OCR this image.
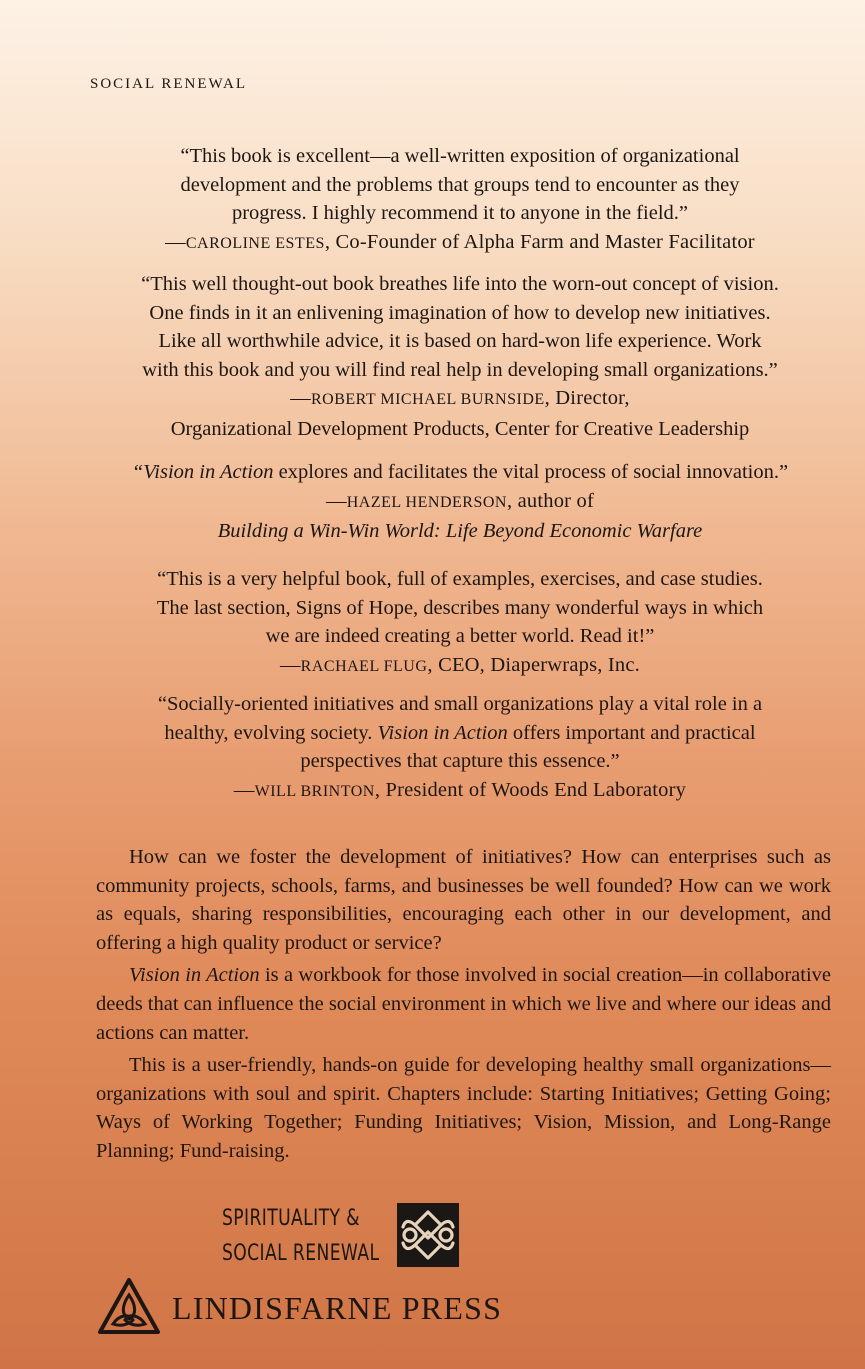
SOCIAL RENEWAL

“This book is excellent—a well-written exposition of organizational

development and the problems that groups tend to encounter as they

progress. I highly recommend it to anyone in the field.”

—CAROLINE ESTES, Co-Founder of Alpha Farm and Master Facilitator

“This well thought-out book breathes life into the worn-out concept of vision.

One finds in it an enlivening imagination of how to develop new initiatives.

Like all worthwhile advice, it is based on hard-won life experience. Work

with this book and you will find real help in developing small organizations.”

—ROBERT MICHAEL BURNSIDE, Director,

Organizational Development Products, Center for Creative Leadership

“Vision in Action explores and facilitates the vital process of social innovation.”

—HAZEL HENDERSON, author of

Building a Win-Win World: Life Beyond Economic Warfare

“This is a very helpful book, full of examples, exercises, and case studies.

The last section, Signs of Hope, describes many wonderful ways in which

we are indeed creating a better world. Read it!”

—RACHAEL FLUG, CEO, Diaperwraps, Inc.

“Socially-oriented initiatives and small organizations play a vital role in a

healthy, evolving society. Vision in Action offers important and practical

perspectives that capture this essence.”

—WILL BRINTON, President of Woods End Laboratory

How can we foster the development of initiatives? How can enterprises such as community projects, schools, farms, and businesses be well founded? How can we work as equals, sharing responsibilities, encouraging each other in our development, and offering a high quality product or service?

Vision in Action is a workbook for those involved in social creation—in collaborative deeds that can influence the social environment in which we live and where our ideas and actions can matter.

This is a user-friendly, hands-on guide for developing healthy small organizations—organizations with soul and spirit. Chapters include: Starting Initiatives; Getting Going; Ways of Working Together; Funding Initiatives; Vision, Mission, and Long-Range Planning; Fund-raising.

SPIRITUALITY &
SOCIAL RENEWAL
LINDISFARNE PRESS
